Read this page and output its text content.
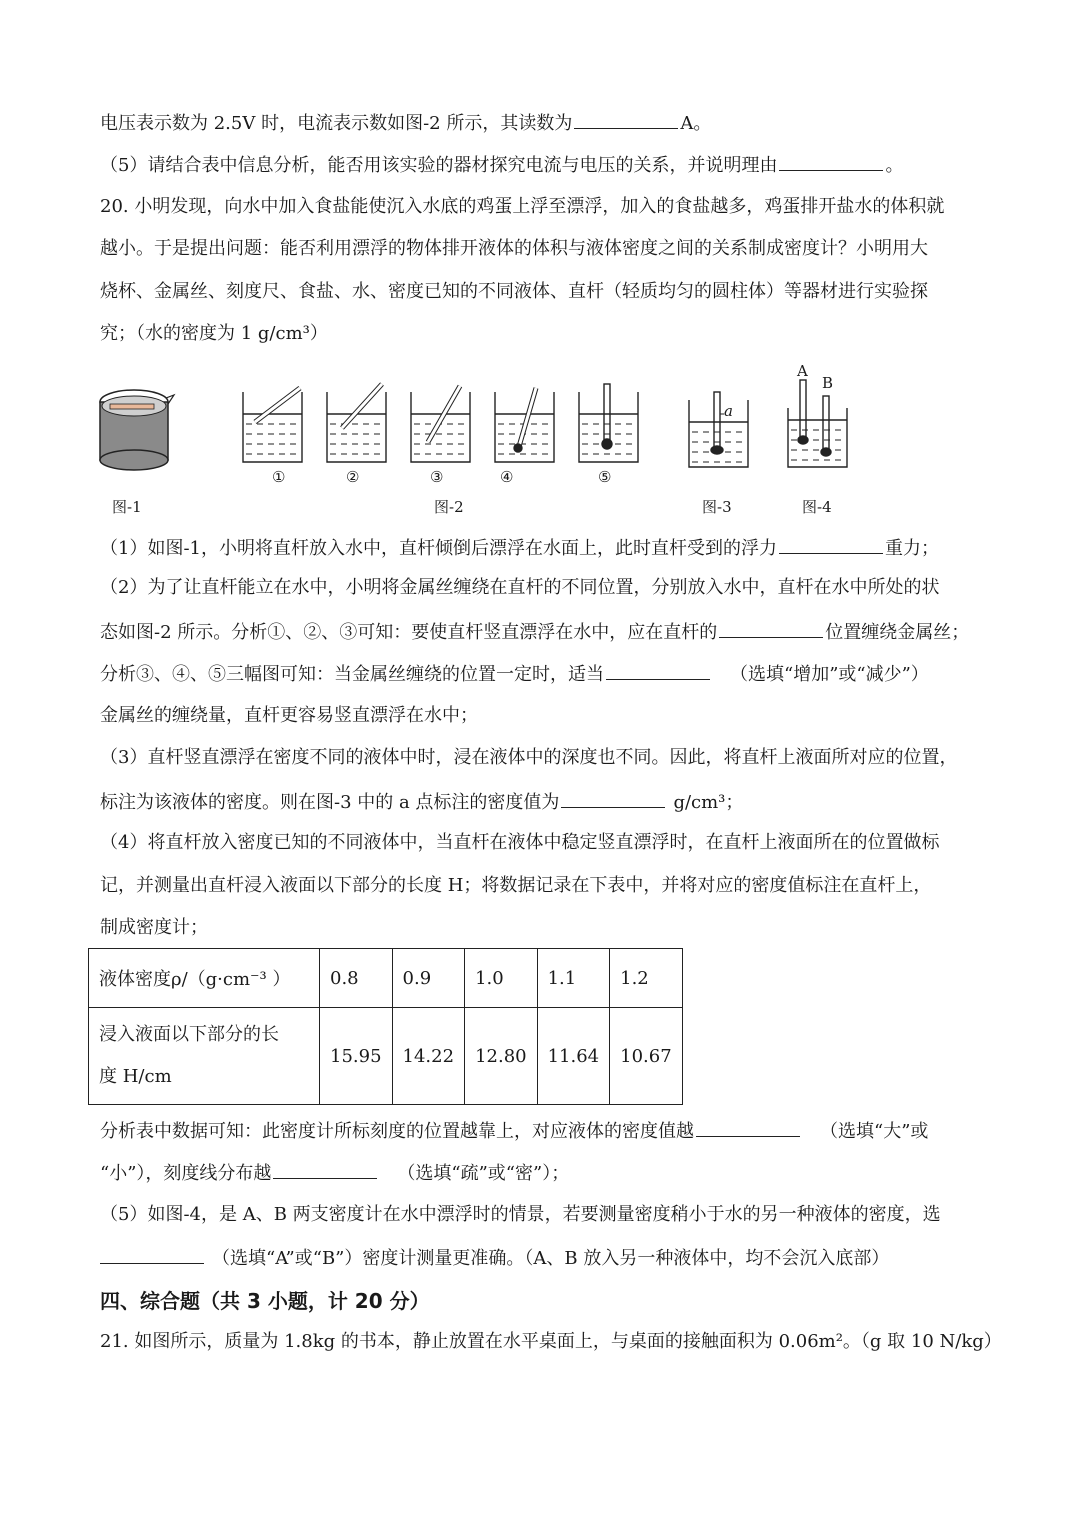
电压表示数为 2.5V 时，电流表示数如图-2 所示，其读数为	A。
（5）请结合表中信息分析，能否用该实验的器材探究电流与电压的关系，并说明理由	。
20. 小明发现，向水中加入食盐能使沉入水底的鸡蛋上浮至漂浮，加入的食盐越多，鸡蛋排开盐水的体积就
越小。于是提出问题：能否利用漂浮的物体排开液体的体积与液体密度之间的关系制成密度计？小明用大
烧杯、金属丝、刻度尺、食盐、水、密度已知的不同液体、直杆（轻质均匀的圆柱体）等器材进行实验探
究；（水的密度为 1 g/cm³）
①	②	③	④	⑤
a
A
B
图-1	图-2	图-3	图-4
（1）如图-1，小明将直杆放入水中，直杆倾倒后漂浮在水面上，此时直杆受到的浮力	重力；
（2）为了让直杆能立在水中，小明将金属丝缠绕在直杆的不同位置，分别放入水中，直杆在水中所处的状
态如图-2 所示。分析①、②、③可知：要使直杆竖直漂浮在水中，应在直杆的	位置缠绕金属丝；
分析③、④、⑤三幅图可知：当金属丝缠绕的位置一定时，适当	（选填“增加”或“减少”）
金属丝的缠绕量，直杆更容易竖直漂浮在水中；
（3）直杆竖直漂浮在密度不同的液体中时，浸在液体中的深度也不同。因此，将直杆上液面所对应的位置，
标注为该液体的密度。则在图-3 中的 a 点标注的密度值为	g/cm³；
（4）将直杆放入密度已知的不同液体中，当直杆在液体中稳定竖直漂浮时，在直杆上液面所在的位置做标
记，并测量出直杆浸入液面以下部分的长度 H；将数据记录在下表中，并将对应的密度值标注在直杆上，
制成密度计；
液体密度ρ/（g·cm⁻³ ）	0.8	0.9	1.0	1.1	1.2

浸入液面以下部分的长
度 H/cm	15.95	14.22	12.80	11.64	10.67
分析表中数据可知：此密度计所标刻度的位置越靠上，对应液体的密度值越	（选填“大”或
“小”），刻度线分布越	（选填“疏”或“密”）；
（5）如图-4，是 A、B 两支密度计在水中漂浮时的情景，若要测量密度稍小于水的另一种液体的密度，选
（选填“A”或“B”）密度计测量更准确。（A、B 放入另一种液体中，均不会沉入底部）
四、综合题（共 3 小题，计 20 分）
21. 如图所示，质量为 1.8kg 的书本，静止放置在水平桌面上，与桌面的接触面积为 0.06m²。（g 取 10 N/kg）
